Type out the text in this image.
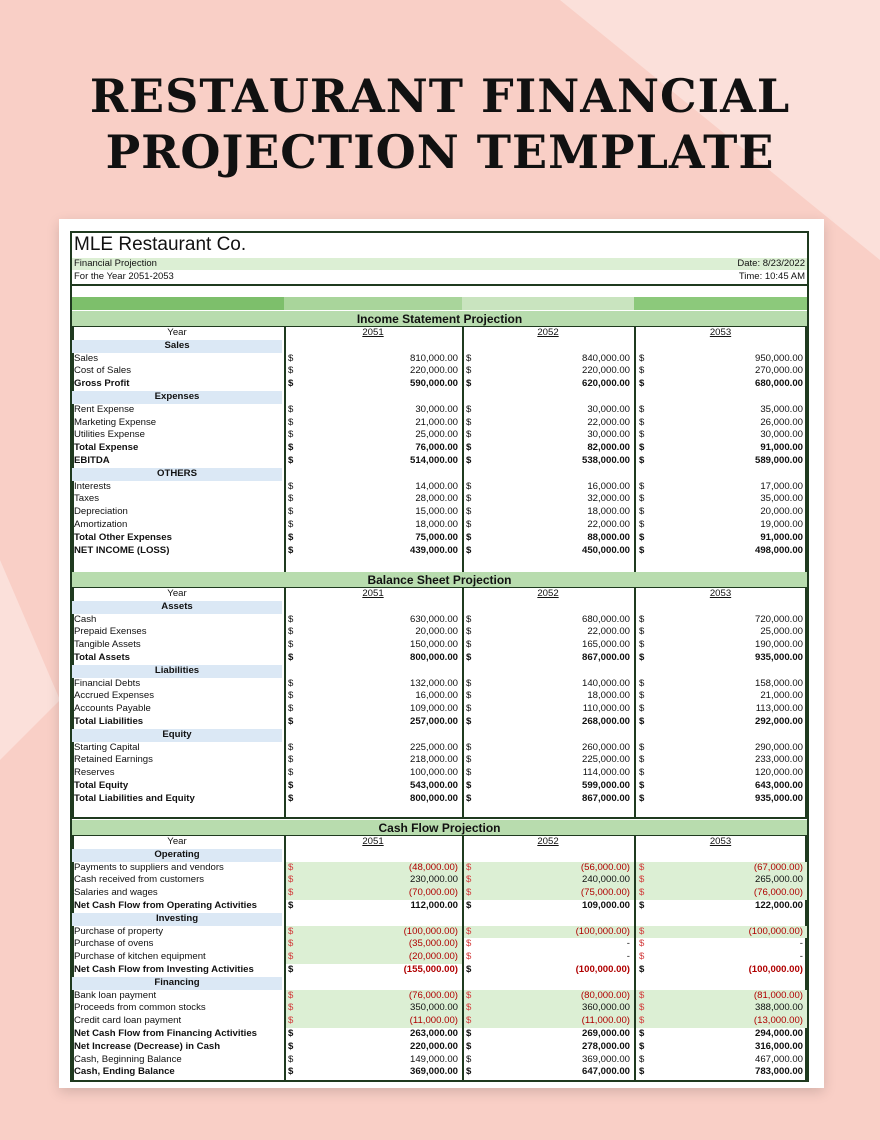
RESTAURANT FINANCIAL
PROJECTION TEMPLATE
MLE Restaurant Co.
Financial Projection	Date: 8/23/2022
For the Year 2051-2053	Time: 10:45 AM
Income Statement Projection
Year	2051	2052	2053
Sales
Sales	$	810,000.00 $	840,000.00 $	950,000.00
Cost of Sales	$	220,000.00 $	220,000.00 $	270,000.00
Gross Profit	$	590,000.00 $	620,000.00 $	680,000.00
Expenses
Rent Expense	$	30,000.00 $	30,000.00 $	35,000.00
Marketing Expense	$	21,000.00 $	22,000.00 $	26,000.00
Utilities Expense	$	25,000.00 $	30,000.00 $	30,000.00
Total Expense	$	76,000.00 $	82,000.00 $	91,000.00
EBITDA	$	514,000.00 $	538,000.00 $	589,000.00
OTHERS
Interests	$	14,000.00 $	16,000.00 $	17,000.00
Taxes	$	28,000.00 $	32,000.00 $	35,000.00
Depreciation	$	15,000.00 $	18,000.00 $	20,000.00
Amortization	$	18,000.00 $	22,000.00 $	19,000.00
Total Other Expenses	$	75,000.00 $	88,000.00 $	91,000.00
NET INCOME (LOSS)	$	439,000.00 $	450,000.00 $	498,000.00
Balance Sheet Projection
Year	2051	2052	2053
Assets
Cash	$	630,000.00 $	680,000.00 $	720,000.00
Prepaid Exenses	$	20,000.00 $	22,000.00 $	25,000.00
Tangible Assets	$	150,000.00 $	165,000.00 $	190,000.00
Total Assets	$	800,000.00 $	867,000.00 $	935,000.00
Liabilities
Financial Debts	$	132,000.00 $	140,000.00 $	158,000.00
Accrued Expenses	$	16,000.00 $	18,000.00 $	21,000.00
Accounts Payable	$	109,000.00 $	110,000.00 $	113,000.00
Total Liabilities	$	257,000.00 $	268,000.00 $	292,000.00
Equity
Starting Capital	$	225,000.00 $	260,000.00 $	290,000.00
Retained Earnings	$	218,000.00 $	225,000.00 $	233,000.00
Reserves	$	100,000.00 $	114,000.00 $	120,000.00
Total Equity	$	543,000.00 $	599,000.00 $	643,000.00
Total Liabilities and Equity	$	800,000.00 $	867,000.00 $	935,000.00
Cash Flow Projection
Year	2051	2052	2053
Operating
Payments to suppliers and vendors	$	(48,000.00) $	(56,000.00) $	(67,000.00)
Cash received from customers	$	230,000.00 $	240,000.00 $	265,000.00
Salaries and wages	$	(70,000.00) $	(75,000.00) $	(76,000.00)
Net Cash Flow from Operating Activities	$	112,000.00 $	109,000.00 $	122,000.00
Investing
Purchase of property	$	(100,000.00) $	(100,000.00) $	(100,000.00)
Purchase of ovens	$	(35,000.00) $	- $	-
Purchase of kitchen equipment	$	(20,000.00) $	- $	-
Net Cash Flow from Investing Activities	$	(155,000.00) $	(100,000.00) $	(100,000.00)
Financing
Bank loan payment	$	(76,000.00) $	(80,000.00) $	(81,000.00)
Proceeds from common stocks	$	350,000.00 $	360,000.00 $	388,000.00
Credit card loan payment	$	(11,000.00) $	(11,000.00) $	(13,000.00)
Net Cash Flow from Financing Activities	$	263,000.00 $	269,000.00 $	294,000.00
Net Increase (Decrease) in Cash	$	220,000.00 $	278,000.00 $	316,000.00
Cash, Beginning Balance	$	149,000.00 $	369,000.00 $	467,000.00
Cash, Ending Balance	$	369,000.00 $	647,000.00 $	783,000.00
